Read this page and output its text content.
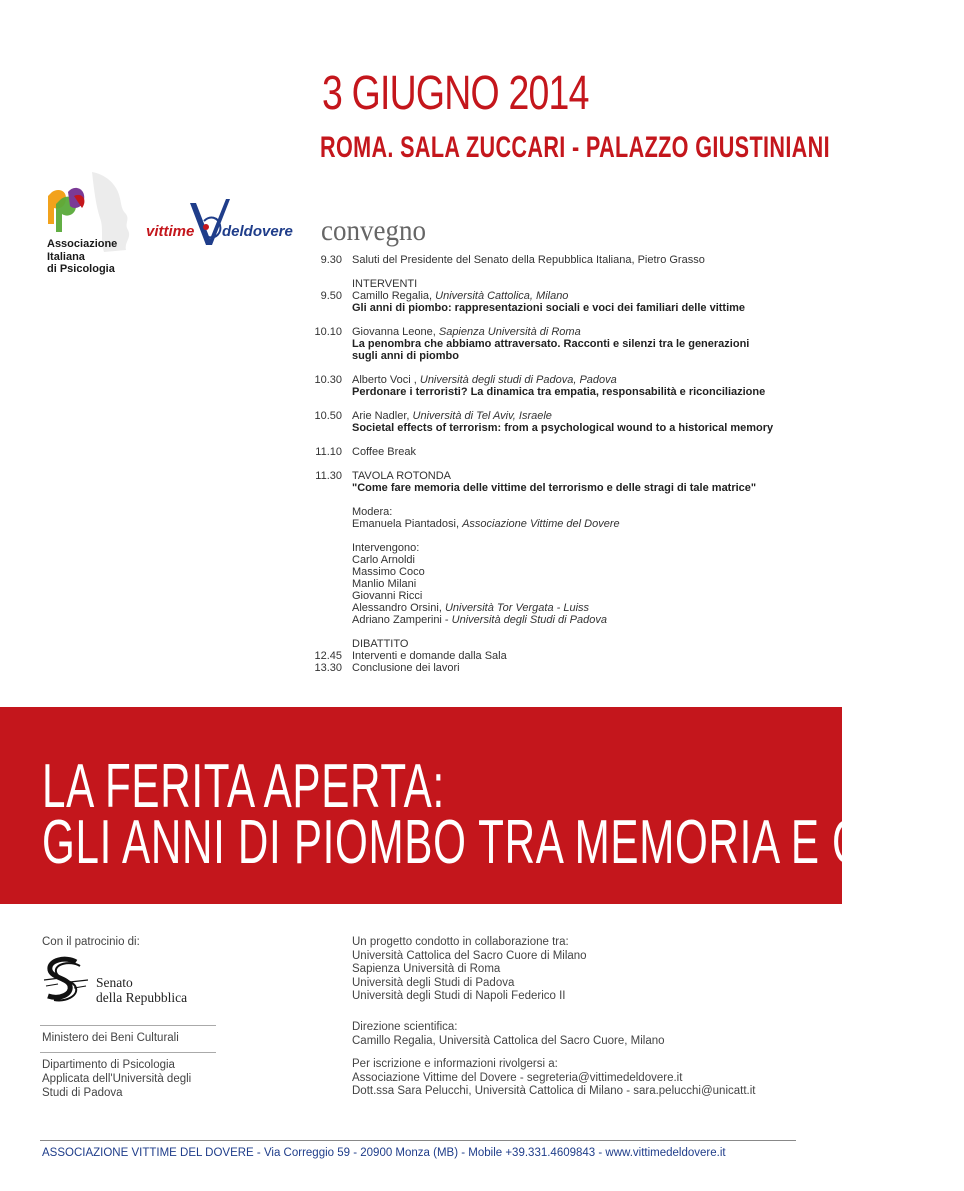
3 GIUGNO 2014
ROMA. SALA ZUCCARI - PALAZZO GIUSTINIANI
Associazione
Italiana
di Psicologia
vittime deldovere convegno
9.30 Saluti del Presidente del Senato della Repubblica Italiana, Pietro Grasso
INTERVENTI
9.50 Camillo Regalia, Università Cattolica, Milano
Gli anni di piombo: rappresentazioni sociali e voci dei familiari delle vittime
10.10 Giovanna Leone, Sapienza Università di Roma
La penombra che abbiamo attraversato. Racconti e silenzi tra le generazioni
sugli anni di piombo
10.30 Alberto Voci , Università degli studi di Padova, Padova
Perdonare i terroristi? La dinamica tra empatia, responsabilità e riconciliazione
10.50 Arie Nadler, Università di Tel Aviv, Israele
Societal effects of terrorism: from a psychological wound to a historical memory
11.10 Coffee Break
11.30 TAVOLA ROTONDA
"Come fare memoria delle vittime del terrorismo e delle stragi di tale matrice"
Modera:
Emanuela Piantadosi, Associazione Vittime del Dovere
Intervengono:
Carlo Arnoldi
Massimo Coco
Manlio Milani
Giovanni Ricci
Alessandro Orsini, Università Tor Vergata - Luiss
Adriano Zamperini - Università degli Studi di Padova
DIBATTITO
12.45 Interventi e domande dalla Sala
13.30 Conclusione dei lavori
LA FERITA APERTA:
GLI ANNI DI PIOMBO TRA MEMORIA E OBLIO
Con il patrocinio di:
Senato
della Repubblica
Ministero dei Beni Culturali
Dipartimento di Psicologia
Applicata dell'Università degli
Studi di Padova
Un progetto condotto in collaborazione tra:
Università Cattolica del Sacro Cuore di Milano
Sapienza Università di Roma
Università degli Studi di Padova
Università degli Studi di Napoli Federico II
Direzione scientifica:
Camillo Regalia, Università Cattolica del Sacro Cuore, Milano
Per iscrizione e informazioni rivolgersi a:
Associazione Vittime del Dovere - segreteria@vittimedeldovere.it
Dott.ssa Sara Pelucchi, Università Cattolica di Milano - sara.pelucchi@unicatt.it
ASSOCIAZIONE VITTIME DEL DOVERE - Via Correggio 59 - 20900 Monza (MB) - Mobile +39.331.4609843 - www.vittimedeldovere.it
